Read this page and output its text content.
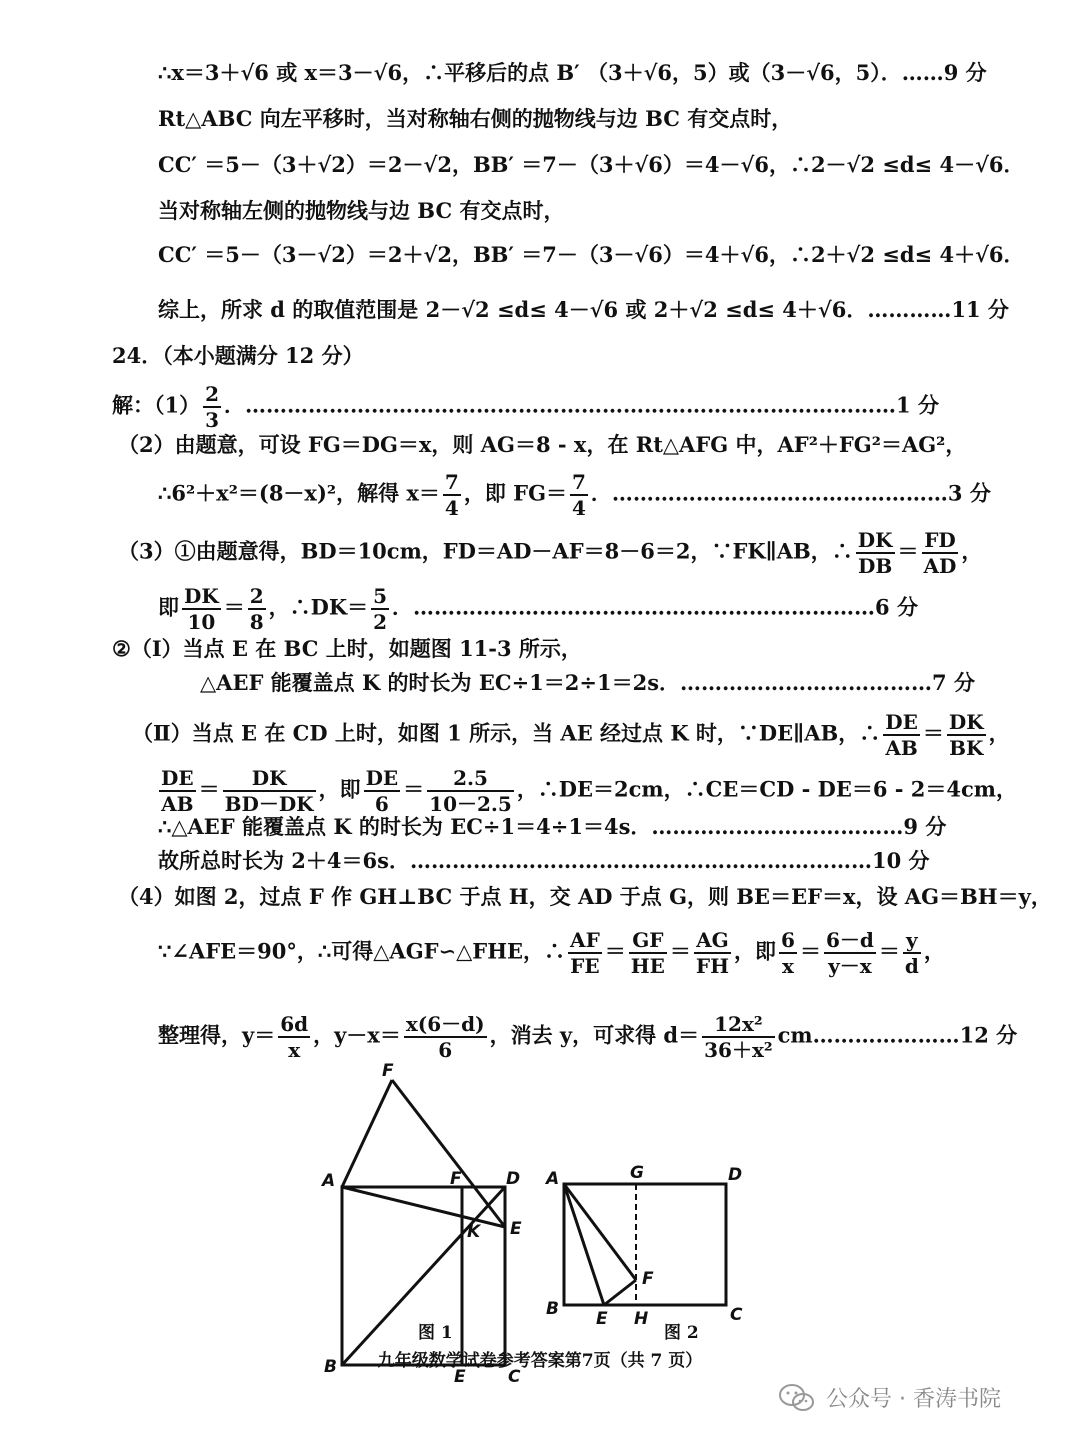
∴x＝3＋√6 或 x＝3－√6，∴平移后的点 B′ （3＋√6，5）或（3－√6，5）．……9 分
Rt△ABC 向左平移时，当对称轴右侧的抛物线与边 BC 有交点时，
CC′ ＝5－（3＋√2）＝2－√2，BB′ ＝7－（3＋√6）＝4－√6，∴2－√2 ≤d≤ 4－√6．
当对称轴左侧的抛物线与边 BC 有交点时，
CC′ ＝5－（3－√2）＝2＋√2，BB′ ＝7－（3－√6）＝4＋√6，∴2＋√2 ≤d≤ 4＋√6．
综上，所求 d 的取值范围是 2－√2 ≤d≤ 4－√6 或 2＋√2 ≤d≤ 4＋√6．…………11 分
24．（本小题满分 12 分）
解：$(1) \frac{2}{3}$ ．…………………………………………………………………………………1 分
（2）由题意，可设 FG＝DG＝x，则 AG＝8 - x，在 Rt△AFG 中，AF²＋FG²＝AG²，
∴6²＋x²＝(8－x)²，解得 $x= \frac{7}{4}$ ，即 $FG= \frac{7}{4}$ ．…………………………………………3 分
（3）①由题意得，BD＝10cm，FD＝AD－AF＝8－6＝2，∵FK∥AB，∴ $\frac{DK}{DB} = \frac{FD}{AD}$ ，
即 $\frac{DK}{10} = \frac{2}{8}$ ，∴DK＝ $\frac{5}{2}$ ．…………………………………………………………6 分
②（Ⅰ）当点 E 在 BC 上时，如题图 11-3 所示，
△AEF 能覆盖点 K 的时长为 EC÷1＝2÷1＝2s．………………………………7 分
（Ⅱ）当点 E 在 CD 上时，如图 1 所示，当 AE 经过点 K 时，∵DE∥AB，∴ $\frac{DE}{AB} = \frac{DK}{BK}$ ，
$\frac{DE}{AB} = \frac{DK}{BD-DK}$ ，即 $\frac{DE}{6} = \frac{2.5}{10-2.5}$ ，∴DE＝2cm，∴CE＝CD - DE＝6 - 2＝4cm，
∴△AEF 能覆盖点 K 的时长为 EC÷1＝4÷1＝4s．………………………………9 分
故所总时长为 2＋4＝6s．…………………………………………………………10 分
（4）如图 2，过点 F 作 GH⊥BC 于点 H，交 AD 于点 G，则 BE＝EF＝x，设 AG＝BH＝y，
∵∠AFE＝90°，∴可得△AGF∽△FHE，∴ $\frac{AF}{FE} = \frac{GF}{HE} = \frac{AG}{FH}$ ，即 $\frac{6}{x} = \frac{6-d}{y-x} = \frac{y}{d}$ ，
整理得，$y= \frac{6d}{x}$ ，$y-x= \frac{x(6-d)}{6}$ ，消去 y，可求得 $d= \frac{\text{12x²}}{\text{36＋x²}}$ cm…………………12 分
F
A	F	D
E
K
B	E C
A	G	D
F
B E H	C
图 1	图 2
九年级数学试卷参考答案第7页（共 7 页）
公众号 · 香涛书院
